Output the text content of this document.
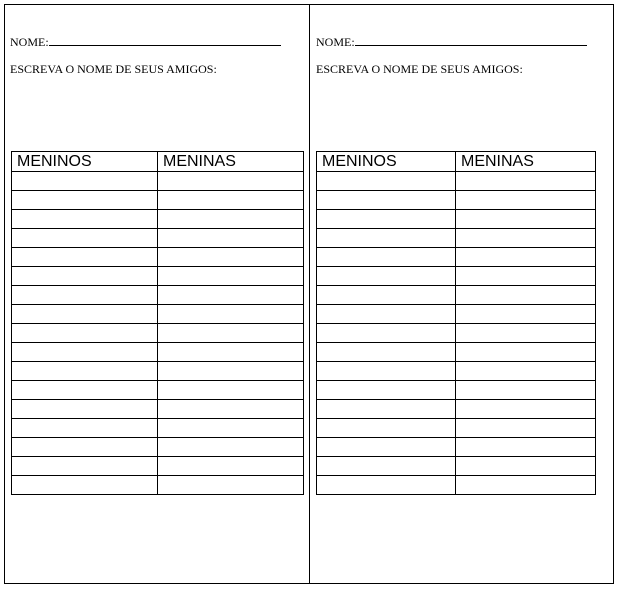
NOME:
ESCREVA O NOME DE SEUS AMIGOS:
MENINOS	MENINAS

NOME:
ESCREVA O NOME DE SEUS AMIGOS:
MENINOS	MENINAS
